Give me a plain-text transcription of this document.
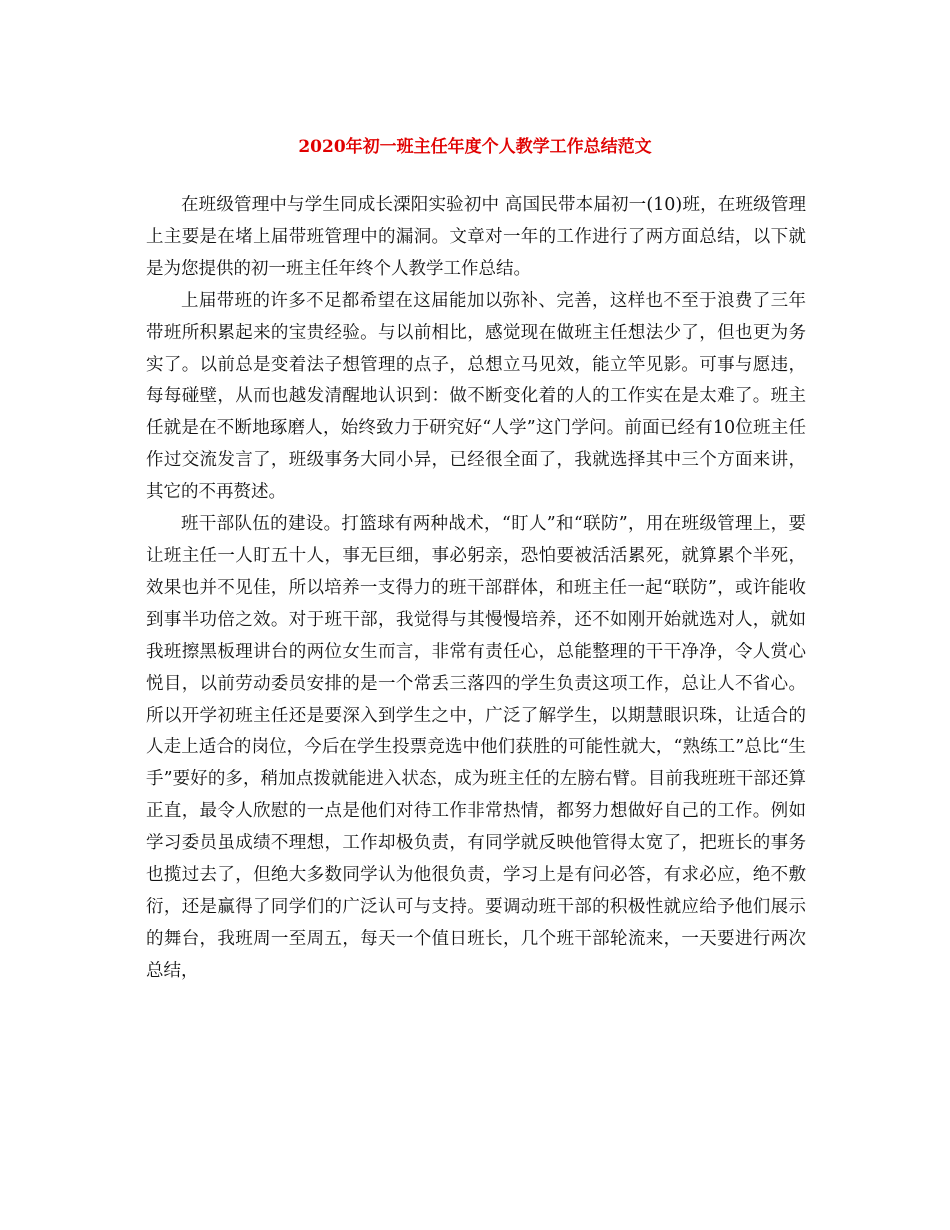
2020年初一班主任年度个人教学工作总结范文

在班级管理中与学生同成长溧阳实验初中 高国民带本届初一(10)班，在班级管理上主要是在堵上届带班管理中的漏洞。文章对一年的工作进行了两方面总结，以下就是为您提供的初一班主任年终个人教学工作总结。

上届带班的许多不足都希望在这届能加以弥补、完善，这样也不至于浪费了三年带班所积累起来的宝贵经验。与以前相比，感觉现在做班主任想法少了，但也更为务实了。以前总是变着法子想管理的点子，总想立马见效，能立竿见影。可事与愿违，每每碰壁，从而也越发清醒地认识到：做不断变化着的人的工作实在是太难了。班主任就是在不断地琢磨人，始终致力于研究好“人学”这门学问。前面已经有10位班主任作过交流发言了，班级事务大同小异，已经很全面了，我就选择其中三个方面来讲，其它的不再赘述。

班干部队伍的建设。打篮球有两种战术，“盯人”和“联防”，用在班级管理上，要让班主任一人盯五十人，事无巨细，事必躬亲，恐怕要被活活累死，就算累个半死，效果也并不见佳，所以培养一支得力的班干部群体，和班主任一起“联防”，或许能收到事半功倍之效。对于班干部，我觉得与其慢慢培养，还不如刚开始就选对人，就如我班擦黑板理讲台的两位女生而言，非常有责任心，总能整理的干干净净，令人赏心悦目，以前劳动委员安排的是一个常丢三落四的学生负责这项工作，总让人不省心。所以开学初班主任还是要深入到学生之中，广泛了解学生，以期慧眼识珠，让适合的人走上适合的岗位，今后在学生投票竞选中他们获胜的可能性就大，“熟练工”总比“生手”要好的多，稍加点拨就能进入状态，成为班主任的左膀右臂。目前我班班干部还算正直，最令人欣慰的一点是他们对待工作非常热情，都努力想做好自己的工作。例如学习委员虽成绩不理想，工作却极负责，有同学就反映他管得太宽了，把班长的事务也揽过去了，但绝大多数同学认为他很负责，学习上是有问必答，有求必应，绝不敷衍，还是赢得了同学们的广泛认可与支持。要调动班干部的积极性就应给予他们展示的舞台，我班周一至周五，每天一个值日班长，几个班干部轮流来，一天要进行两次总结，
